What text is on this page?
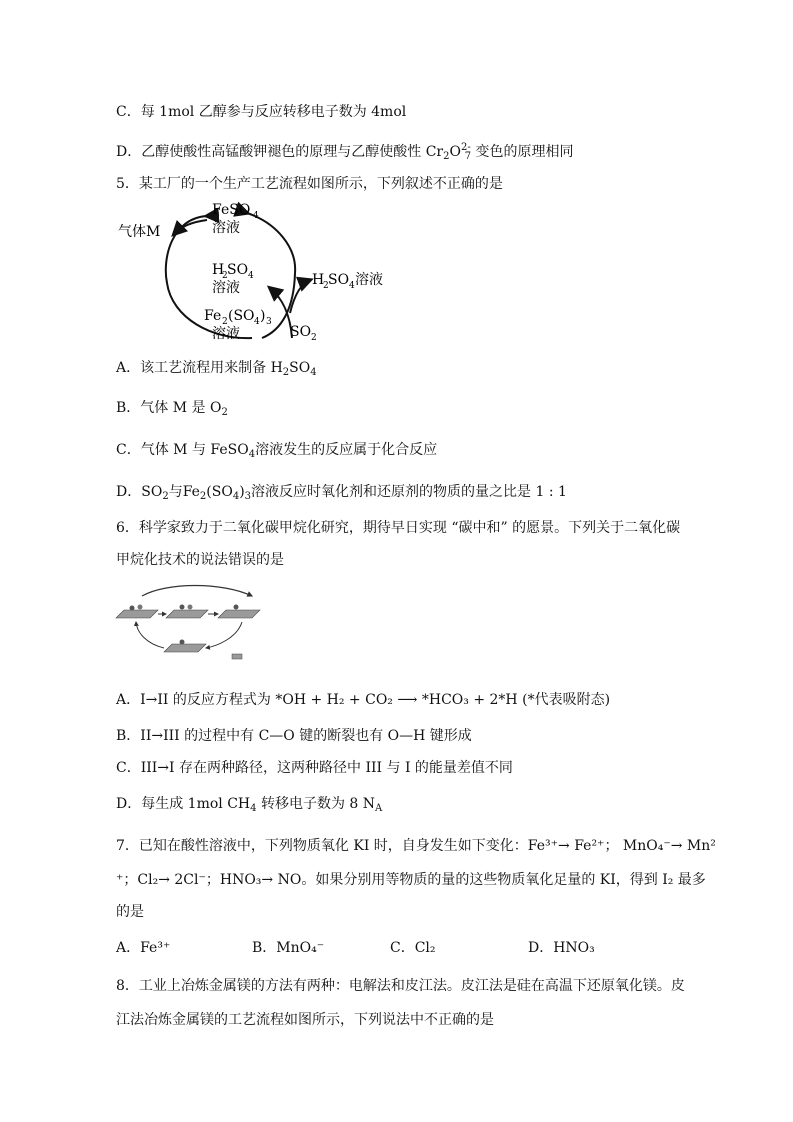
C．每 1mol 乙醇参与反应转移电子数为 4mol
D．乙醇使酸性高锰酸钾褪色的原理与乙醇使酸性 $Cr_2O^{2-}_7$ 变色的原理相同
5．某工厂的一个生产工艺流程如图所示，下列叙述不正确的是
FeSO 4
溶液
气体M
H
2 SO 4
溶液
Fe 2 (SO 4 ) 3
溶液	SO 2
H
2 SO 4 溶液
A．该工艺流程用来制备 $H_2SO_4$
B．气体 M 是 $O_2$
C．气体 M 与 FeSO$_4$溶液发生的反应属于化合反应
D．$SO_2$与$Fe_2(SO_4)_3$溶液反应时氧化剂和还原剂的物质的量之比是 1 : 1
6．科学家致力于二氧化碳甲烷化研究，期待早日实现 “碳中和” 的愿景。下列关于二氧化碳
甲烷化技术的说法错误的是
A．I→II 的反应方程式为 *OH + H₂ + CO₂ ⟶ *HCO₃ + 2*H (*代表吸附态)
B．II→III 的过程中有 C—O 键的断裂也有 O—H 键形成
C．III→I 存在两种路径，这两种路径中 III 与 I 的能量差值不同
D．每生成 1mol $CH_4$ 转移电子数为 8 $N_A$
7．已知在酸性溶液中，下列物质氧化 KI 时，自身发生如下变化：Fe³⁺→ Fe²⁺； MnO₄⁻→ Mn²
⁺；Cl₂→ 2Cl⁻；HNO₃→ NO。如果分别用等物质的量的这些物质氧化足量的 KI，得到 I₂ 最多
的是
A．Fe³⁺	B．MnO₄⁻	C．Cl₂	D．HNO₃
8．工业上冶炼金属镁的方法有两种：电解法和皮江法。皮江法是硅在高温下还原氧化镁。皮
江法冶炼金属镁的工艺流程如图所示，下列说法中不正确的是
